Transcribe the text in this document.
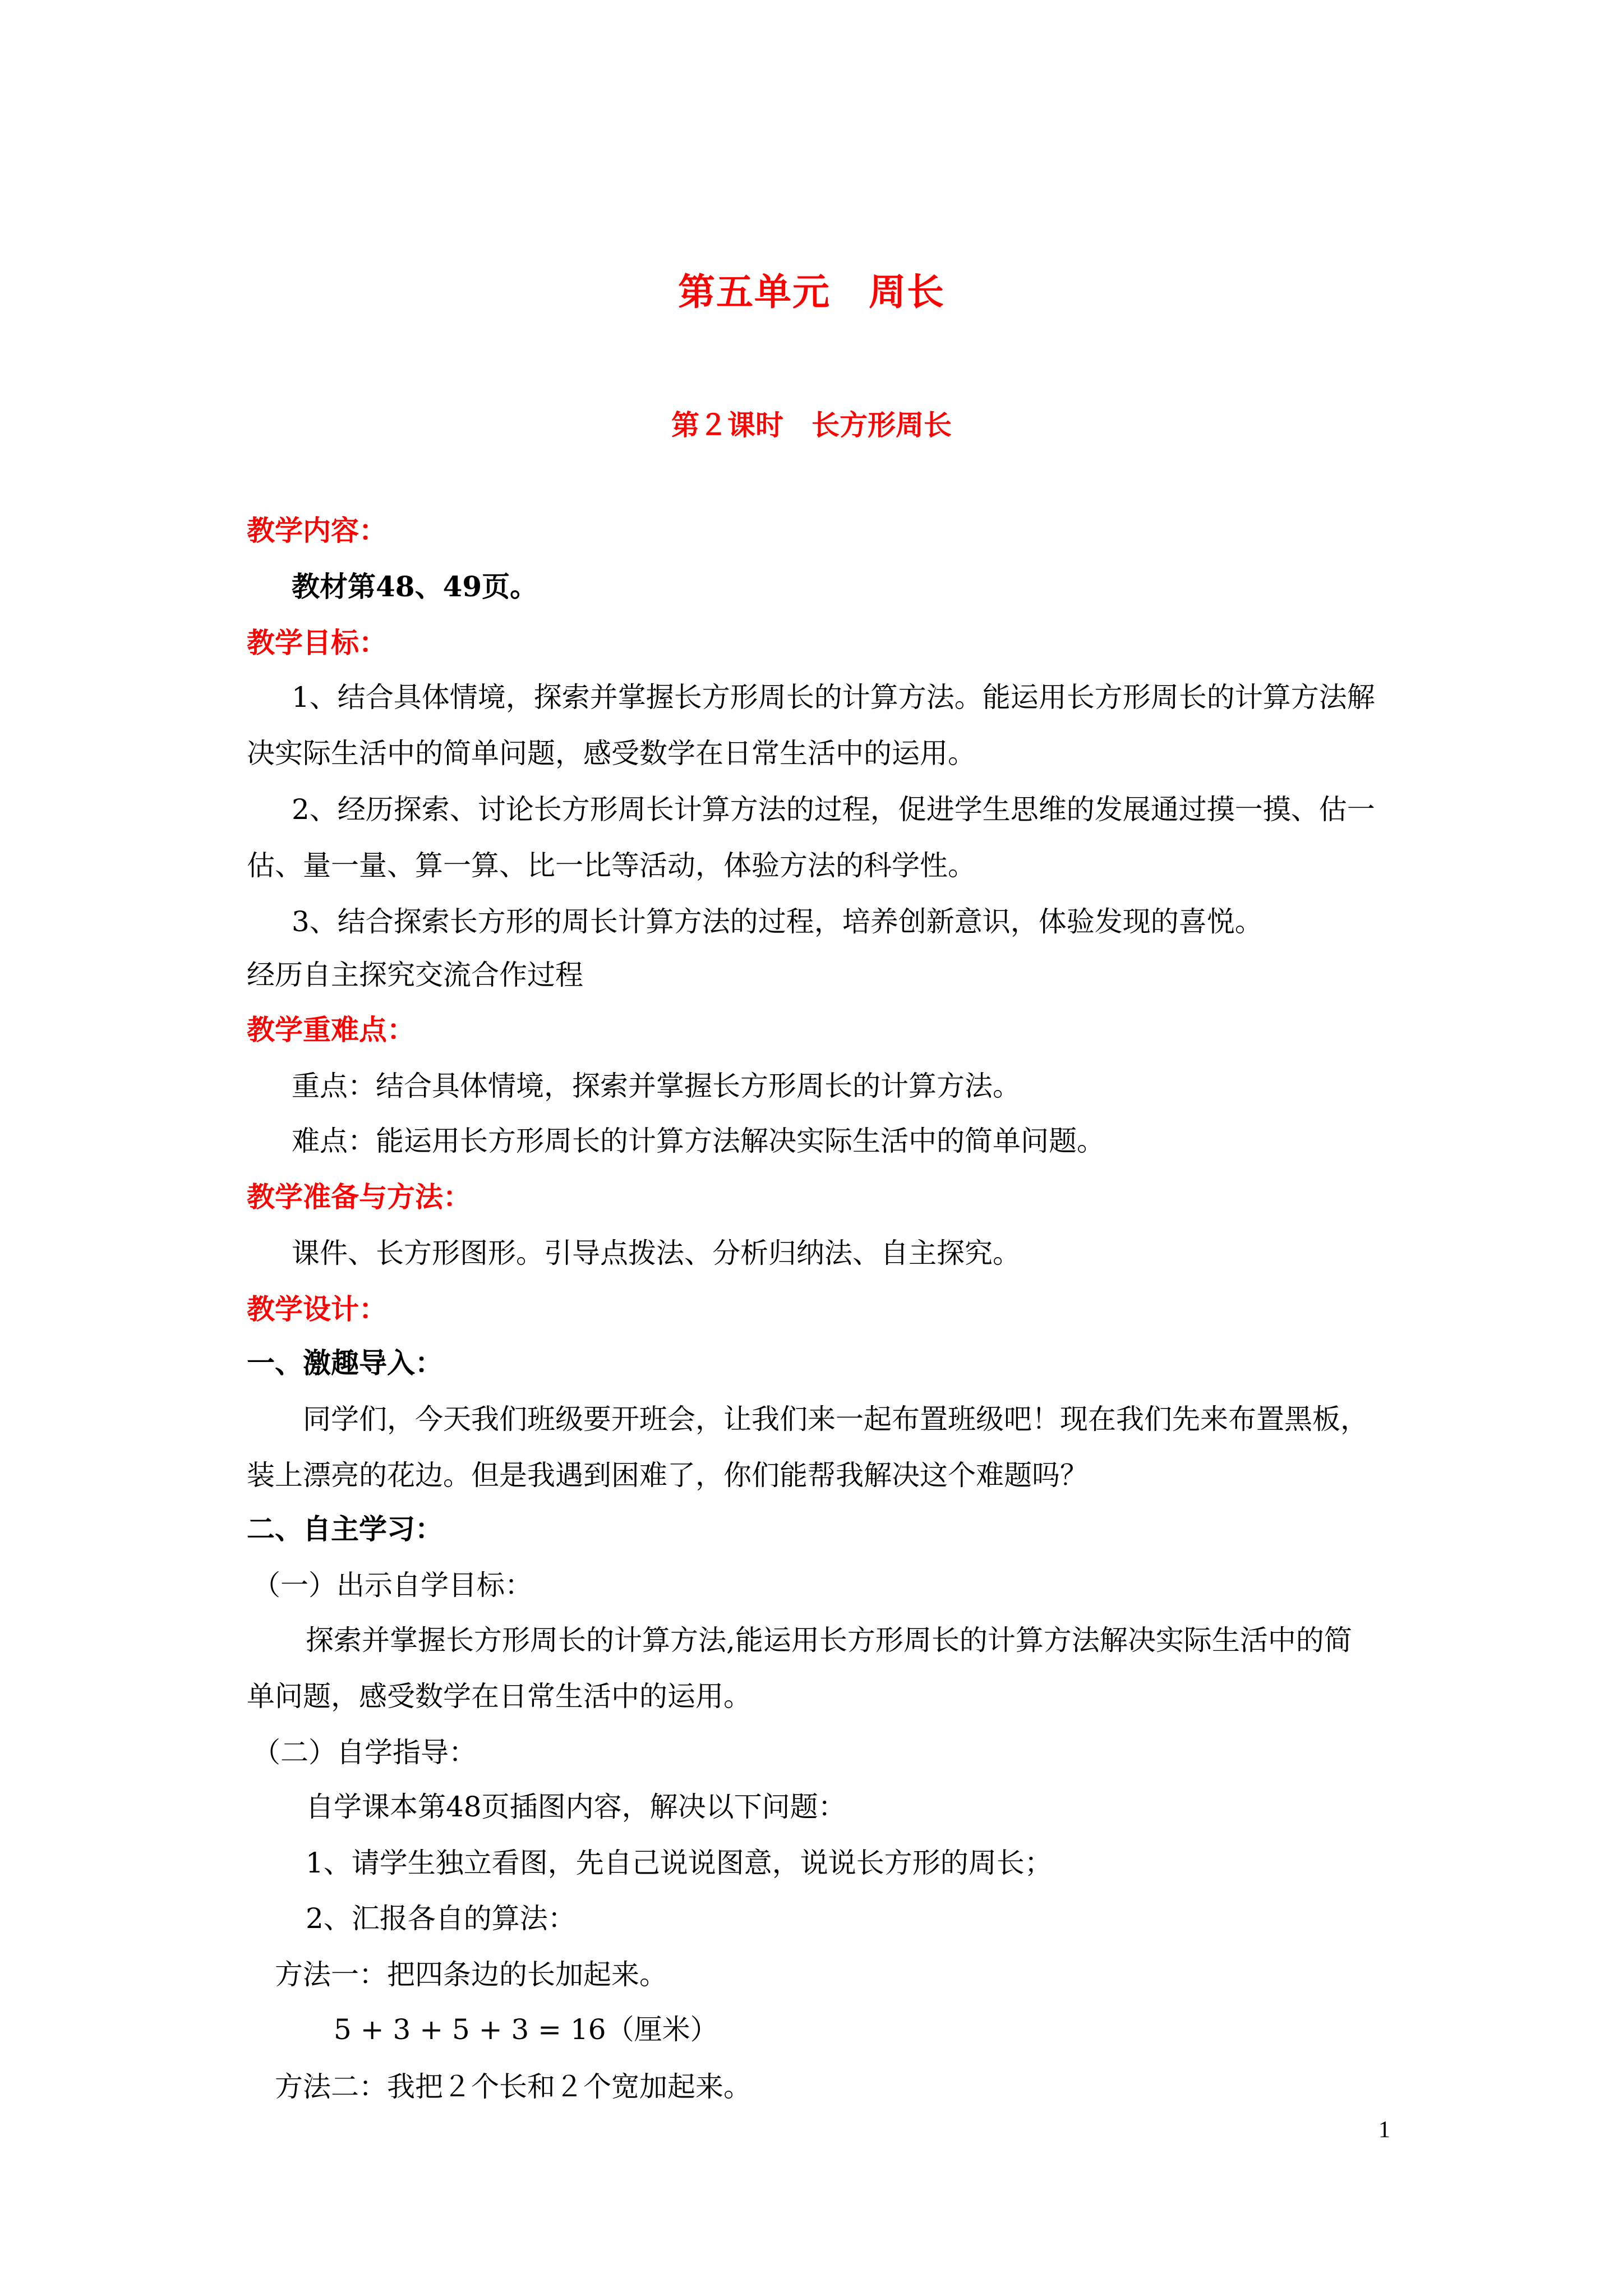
第五单元　周长
第２课时　长方形周长
教学内容：
教材第48、49页。
教学目标：
1、结合具体情境，探索并掌握长方形周长的计算方法。能运用长方形周长的计算方法解
决实际生活中的简单问题，感受数学在日常生活中的运用。
2、经历探索、讨论长方形周长计算方法的过程，促进学生思维的发展通过摸一摸、估一
估、量一量、算一算、比一比等活动，体验方法的科学性。
3、结合探索长方形的周长计算方法的过程，培养创新意识，体验发现的喜悦。
经历自主探究交流合作过程
教学重难点：
重点：结合具体情境，探索并掌握长方形周长的计算方法。
难点：能运用长方形周长的计算方法解决实际生活中的简单问题。
教学准备与方法：
课件、长方形图形。引导点拨法、分析归纳法、自主探究。
教学设计：
一、激趣导入：
同学们，今天我们班级要开班会，让我们来一起布置班级吧！现在我们先来布置黑板，
装上漂亮的花边。但是我遇到困难了，你们能帮我解决这个难题吗？
二、自主学习：
（一）出示自学目标：
探索并掌握长方形周长的计算方法,能运用长方形周长的计算方法解决实际生活中的简
单问题，感受数学在日常生活中的运用。
（二）自学指导：
自学课本第48页插图内容，解决以下问题：
1、请学生独立看图，先自己说说图意，说说长方形的周长；
2、汇报各自的算法：
方法一：把四条边的长加起来。
5 + 3 + 5 + 3 = 16（厘米）
方法二：我把２个长和２个宽加起来。
1
